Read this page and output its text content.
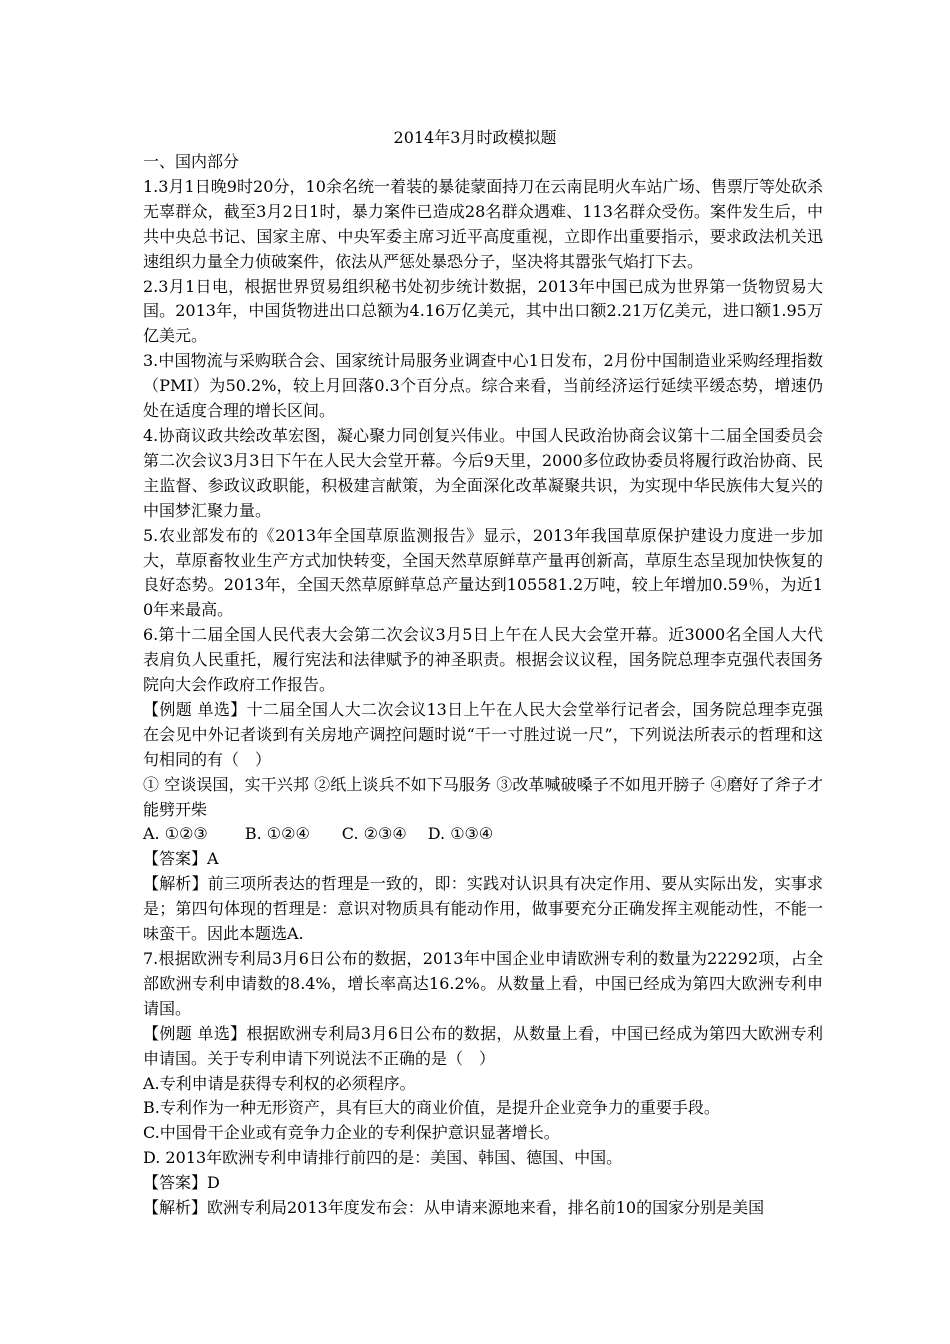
2014年3月时政模拟题

一、国内部分

1.3月1日晚9时20分，10余名统一着装的暴徒蒙面持刀在云南昆明火车站广场、售票厅等处砍杀无辜群众，截至3月2日1时，暴力案件已造成28名群众遇难、113名群众受伤。案件发生后，中共中央总书记、国家主席、中央军委主席习近平高度重视，立即作出重要指示，要求政法机关迅速组织力量全力侦破案件，依法从严惩处暴恐分子，坚决将其嚣张气焰打下去。

2.3月1日电，根据世界贸易组织秘书处初步统计数据，2013年中国已成为世界第一货物贸易大国。2013年，中国货物进出口总额为4.16万亿美元，其中出口额2.21万亿美元，进口额1.95万亿美元。

3.中国物流与采购联合会、国家统计局服务业调查中心1日发布，2月份中国制造业采购经理指数（PMI）为50.2%，较上月回落0.3个百分点。综合来看，当前经济运行延续平缓态势，增速仍处在适度合理的增长区间。

4.协商议政共绘改革宏图，凝心聚力同创复兴伟业。中国人民政治协商会议第十二届全国委员会第二次会议3月3日下午在人民大会堂开幕。今后9天里，2000多位政协委员将履行政治协商、民主监督、参政议政职能，积极建言献策，为全面深化改革凝聚共识，为实现中华民族伟大复兴的中国梦汇聚力量。

5.农业部发布的《2013年全国草原监测报告》显示，2013年我国草原保护建设力度进一步加大，草原畜牧业生产方式加快转变，全国天然草原鲜草产量再创新高，草原生态呈现加快恢复的良好态势。2013年，全国天然草原鲜草总产量达到105581.2万吨，较上年增加0.59％，为近10年来最高。

6.第十二届全国人民代表大会第二次会议3月5日上午在人民大会堂开幕。近3000名全国人大代表肩负人民重托，履行宪法和法律赋予的神圣职责。根据会议议程，国务院总理李克强代表国务院向大会作政府工作报告。

【例题 单选】十二届全国人大二次会议13日上午在人民大会堂举行记者会，国务院总理李克强在会见中外记者谈到有关房地产调控问题时说“干一寸胜过说一尺”，下列说法所表示的哲理和这句相同的有（　）

① 空谈误国，实干兴邦 ②纸上谈兵不如下马服务 ③改革喊破嗓子不如甩开膀子 ④磨好了斧子才能劈开柴

A. ①②③　　 B. ①②④　　C. ②③④　 D. ①③④

【答案】A

【解析】前三项所表达的哲理是一致的，即：实践对认识具有决定作用、要从实际出发，实事求是；第四句体现的哲理是：意识对物质具有能动作用，做事要充分正确发挥主观能动性，不能一味蛮干。因此本题选A.

7.根据欧洲专利局3月6日公布的数据，2013年中国企业申请欧洲专利的数量为22292项，占全部欧洲专利申请数的8.4%，增长率高达16.2%。从数量上看，中国已经成为第四大欧洲专利申请国。

【例题 单选】根据欧洲专利局3月6日公布的数据，从数量上看，中国已经成为第四大欧洲专利申请国。关于专利申请下列说法不正确的是（　）

A.专利申请是获得专利权的必须程序。

B.专利作为一种无形资产，具有巨大的商业价值，是提升企业竞争力的重要手段。

C.中国骨干企业或有竞争力企业的专利保护意识显著增长。

D. 2013年欧洲专利申请排行前四的是：美国、韩国、德国、中国。

【答案】D

【解析】欧洲专利局2013年度发布会：从申请来源地来看，排名前10的国家分别是美国
